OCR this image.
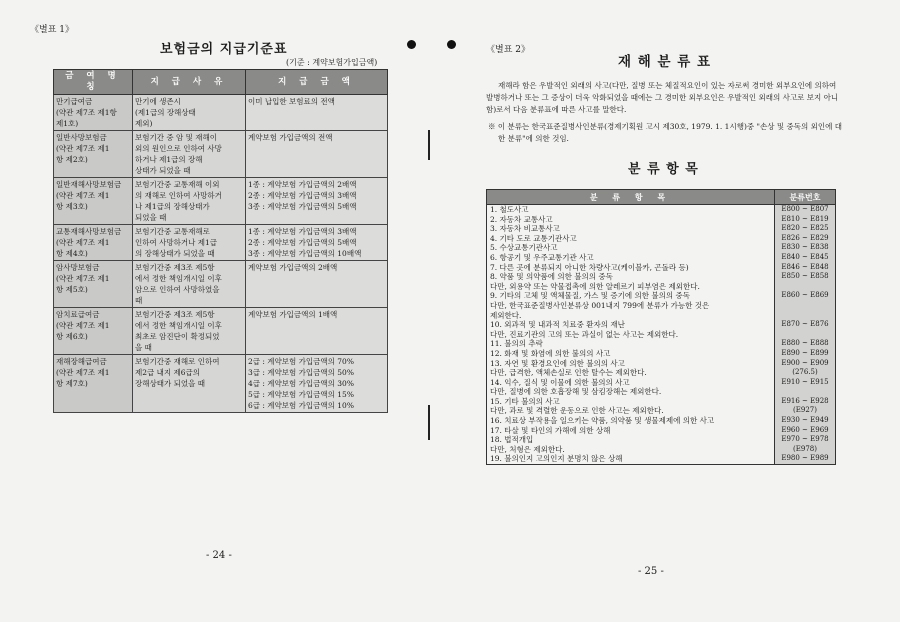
《별표 1》
보험금의 지급기준표
(기준 : 계약보험가입금액)
금 여 명 칭	지 급 사 유	지 급 금 액
만기급여금
(약관 제7조 제1항
제1호)	만기에 생존시
(제1급의 장해상태
제외)	이미 납입한 보험료의 전액
일반사망보험금
(약관 제7조 제1
항 제2호)	보험기간 중 암 및 재해이
외의 원인으로 인하여 사망
하거나 제1급의 장해
상태가 되었을 때	계약보험 가입금액의 전액
일반재해사망보험금
(약관 제7조 제1
항 제3호)	보험기간중 교통재해 이외
의 재해로 인하여 사망하거
나 제1급의 장해상태가
되었을 때	1종 : 계약보험 가입금액의 2배액
2종 : 계약보험 가입금액의 3배액
3종 : 계약보험 가입금액의 5배액
교통재해사망보험금
(약관 제7조 제1
항 제4호)	보험기간중 교통재해로
인하여 사망하거나 제1급
의 장해상태가 되었을 때	1종 : 계약보험 가입금액의 3배액
2종 : 계약보험 가입금액의 5배액
3종 : 계약보험 가입금액의 10배액
암사망보험금
(약관 제7조 제1
항 제5호)	보험기간중 제3조 제5항
에서 정한 책임개시일 이후
암으로 인하여 사망하였을
때	계약보험 가입금액의 2배액
암치료급여금
(약관 제7조 제1
항 제6호)	보험기간중 제3조 제5항
에서 정한 책임개시일 이후
최초로 암진단이 확정되었
을 때	계약보험 가입금액의 1배액
재해장해급여금
(약관 제7조 제1
항 제7호)	보험기간중 재해로 인하여
제2급 내지 제6급의
장해상태가 되었을 때	2급 : 계약보험 가입금액의 70%
3급 : 계약보험 가입금액의 50%
4급 : 계약보험 가입금액의 30%
5급 : 계약보험 가입금액의 15%
6급 : 계약보험 가입금액의 10%
- 24 -
《별표 2》
재 해 분 류 표
재해라 함은 우발적인 외래의 사고(다만, 질병 또는 체질적요인이 있는 자로써 경미한 외부요인에 의하여 발병하거나 또는 그 증상이 더욱 악화되었을 때에는 그 경미한 외부요인은 우발적인 외래의 사고로 보지 아니함)로서 다음 분류표에 따른 사고를 말한다.
※ 이 분류는 한국표준질병사인분류(경제기획원 고시 제30호, 1979. 1. 1시행)중 "손상 및 중독의 외인에 대한 분류"에 의한 것임.
분 류 항 목
분 류 항 목	분류번호
1. 철도사고	E800 ~ E807
2. 자동차 교통사고	E810 ~ E819
3. 자동차 비교통사고	E820 ~ E825
4. 기타 도로 교통기관사고	E826 ~ E829
5. 수상교통기관사고	E830 ~ E838
6. 항공기 및 우주교통기관 사고	E840 ~ E845
7. 다른 곳에 분류되지 아니한 차량사고(케이블카, 곤돌라 등)	E846 ~ E848
8. 약품 및 의약품에 의한 불의의 중독	E850 ~ E858
다만, 외용약 또는 약물접촉에 의한 알레르기 피부염은 제외한다.	
9. 기타의 고체 및 액체물질, 가스 및 증기에 의한 불의의 중독	E860 ~ E869
다만, 한국표준질병사인분류상 001내지 799에 분류가 가능한 것은	
제외한다.	
10. 외과적 및 내과적 치료중 환자의 재난	E870 ~ E876
다만, 진료기관의 고의 또는 과실이 없는 사고는 제외한다.	
11. 불의의 추락	E880 ~ E888
12. 화재 및 화염에 의한 불의의 사고	E890 ~ E899
13. 자연 및 환경요인에 의한 불의의 사고	E900 ~ E909
다만, 급격한, 액체손실로 인한 탈수는 제외한다.	(276.5)
14. 익수, 질식 및 이물에 의한 불의의 사고	E910 ~ E915
다만, 질병에 의한 호흡장해 및 삼킴장해는 제외한다.	
15. 기타 불의의 사고	E916 ~ E928
다만, 과로 및 격렬한 운동으로 인한 사고는 제외한다.	(E927)
16. 치료상 부작용을 일으키는 약품, 의약품 및 생물제제에 의한 사고	E930 ~ E949
17. 타살 및 타인의 가해에 의한 상해	E960 ~ E969
18. 법적개입	E970 ~ E978
다만, 처형은 제외한다.	(E978)
19. 불의인지 고의인지 분명치 않은 상해	E980 ~ E989
- 25 -
